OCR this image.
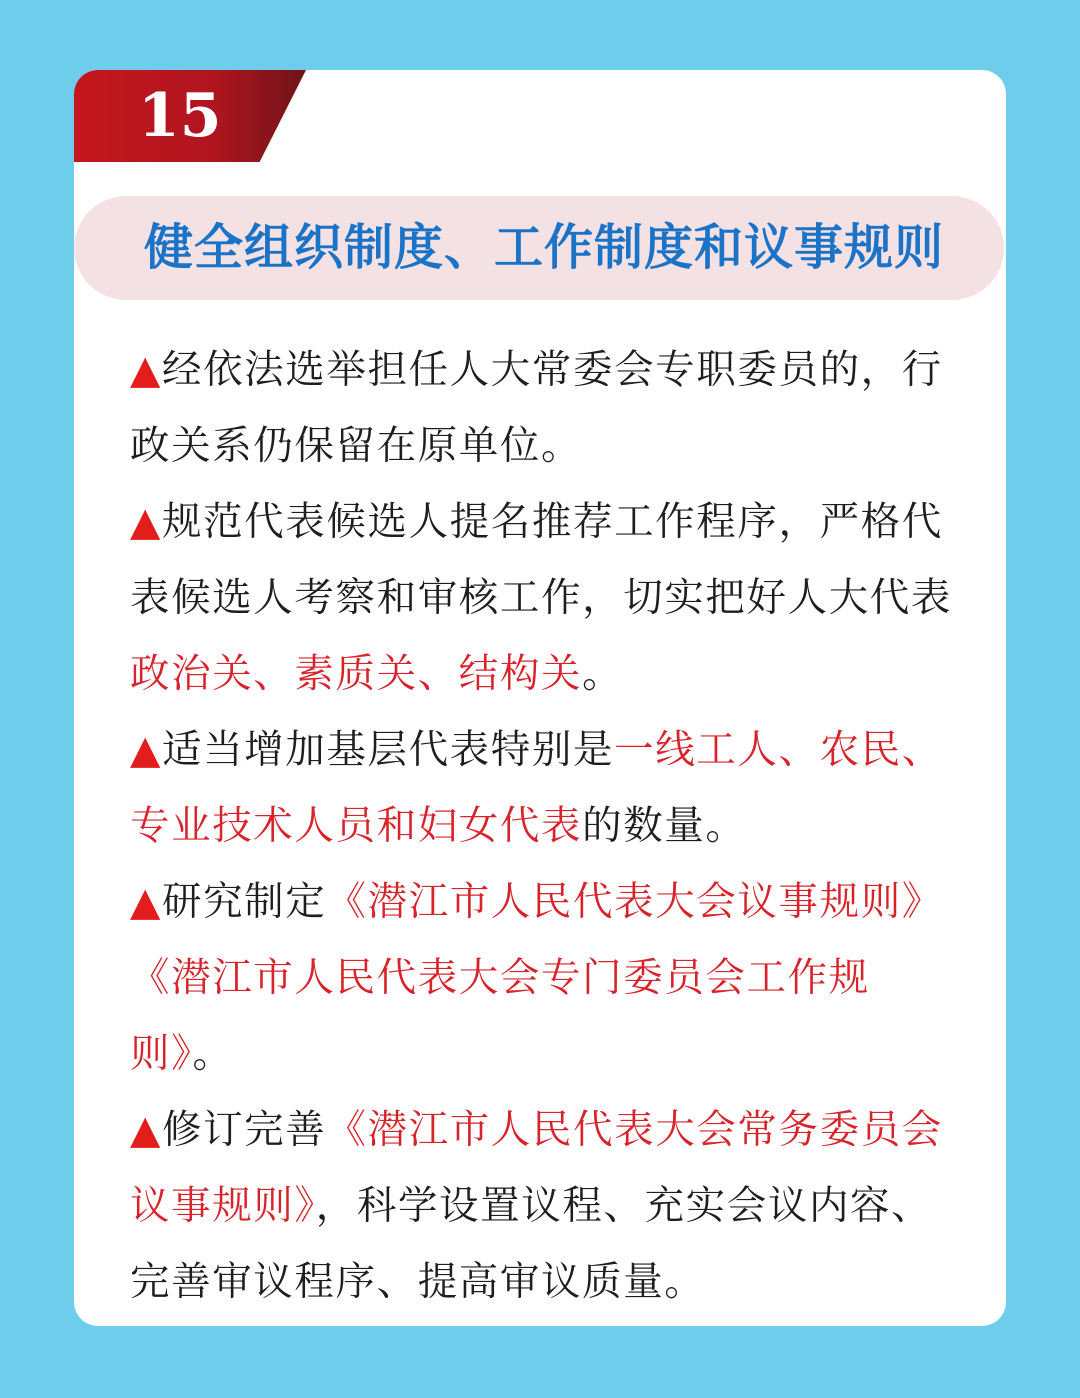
15
健全组织制度、工作制度和议事规则

▲经依法选举担任人大常委会专职委员的，行政关系仍保留在原单位。

▲规范代表候选人提名推荐工作程序，严格代表候选人考察和审核工作，切实把好人大代表政治关、素质关、结构关。

▲适当增加基层代表特别是一线工人、农民、专业技术人员和妇女代表的数量。

▲研究制定《潜江市人民代表大会议事规则》《潜江市人民代表大会专门委员会工作规则》。

▲修订完善《潜江市人民代表大会常务委员会议事规则》，科学设置议程、充实会议内容、完善审议程序、提高审议质量。
